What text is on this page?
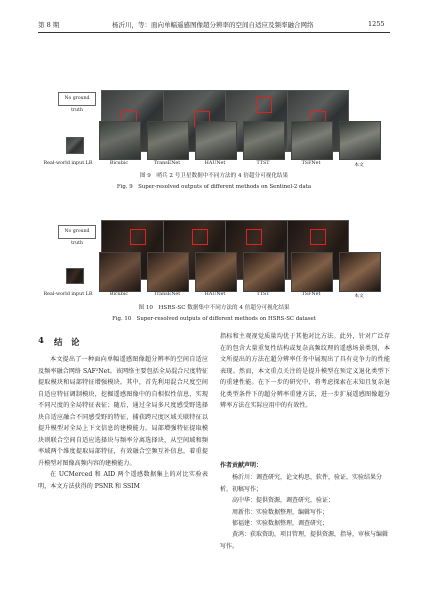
第 8 期	杨沂川，等：面向单幅遥感图像超分辨率的空间自适应及频率融合网络	1255
No ground truth
Real-world input LR	Bicubic	TransENet	HAUNet	TTST	TSFNet	本文
图 9　哨兵 2 号卫星数据中不同方法的 4 倍超分可视化结果
Fig. 9　Super-resolved outputs of different methods on Sentinel-2 data
No ground truth
Real-world input LR	Bicubic	TransENet	HAUNet	TTST	TSFNet	本文
图 10　HSRS-SC 数据集中不同方法的 4 倍超分可视化结果
Fig. 10　Super-resolved outputs of different methods on HSRS-SC dataset
4 结　论

本文提出了一种面向单幅遥感图像超分辨率的空间自适应及频率融合网络 SAF²Net。该网络主要包括全局混合尺度特征提取模块和局部特征增强模块。其中，首先利用混合尺度空间自适应特征调制模块，挖掘遥感图像中的自相似性信息，实现不同尺度的全局特征表征；随后，通过全局多尺度感受野选择块自适应融合不同感受野的特征，捕获跨尺度区域关联特征以提升模型对全局上下文信息的建模能力。局部增强特征提取模块则联合空间自适应选择块与频率分离选择块，从空间域和频率域两个维度提取局部特征，有效融合空频互补信息，着重提升模型对图像高频内容的建模能力。

在 UCMerced 和 AID 两个遥感数据集上的对比实验表明，本文方法获得的 PSNR 和 SSIM

指标和主观视觉质量均优于其他对比方法。此外，针对广泛存在的包含大量重复性结构或复杂高频纹理的遥感场景类别，本文所提出的方法在超分辨率任务中展现出了具有竞争力的性能表现。然而，本文重点关注的是提升模型在预定义退化类型下的重建性能。在下一步的研究中，将考虑探索在未知且复杂退化类型条件下的超分辨率重建方法，进一步扩展遥感图像超分辨率方法在实际应用中的有效性。

作者贡献声明：

杨沂川：调查研究，论文构思，软件，验证，实验结果分析，初稿写作；

高中华：提供资源，调查研究，验证；

周新伟：实验数据整理，编辑写作；

郁福建：实验数据整理，调查研究；

黄鸿：获取资助，项目管理，提供资源，指导，审核与编辑写作。
